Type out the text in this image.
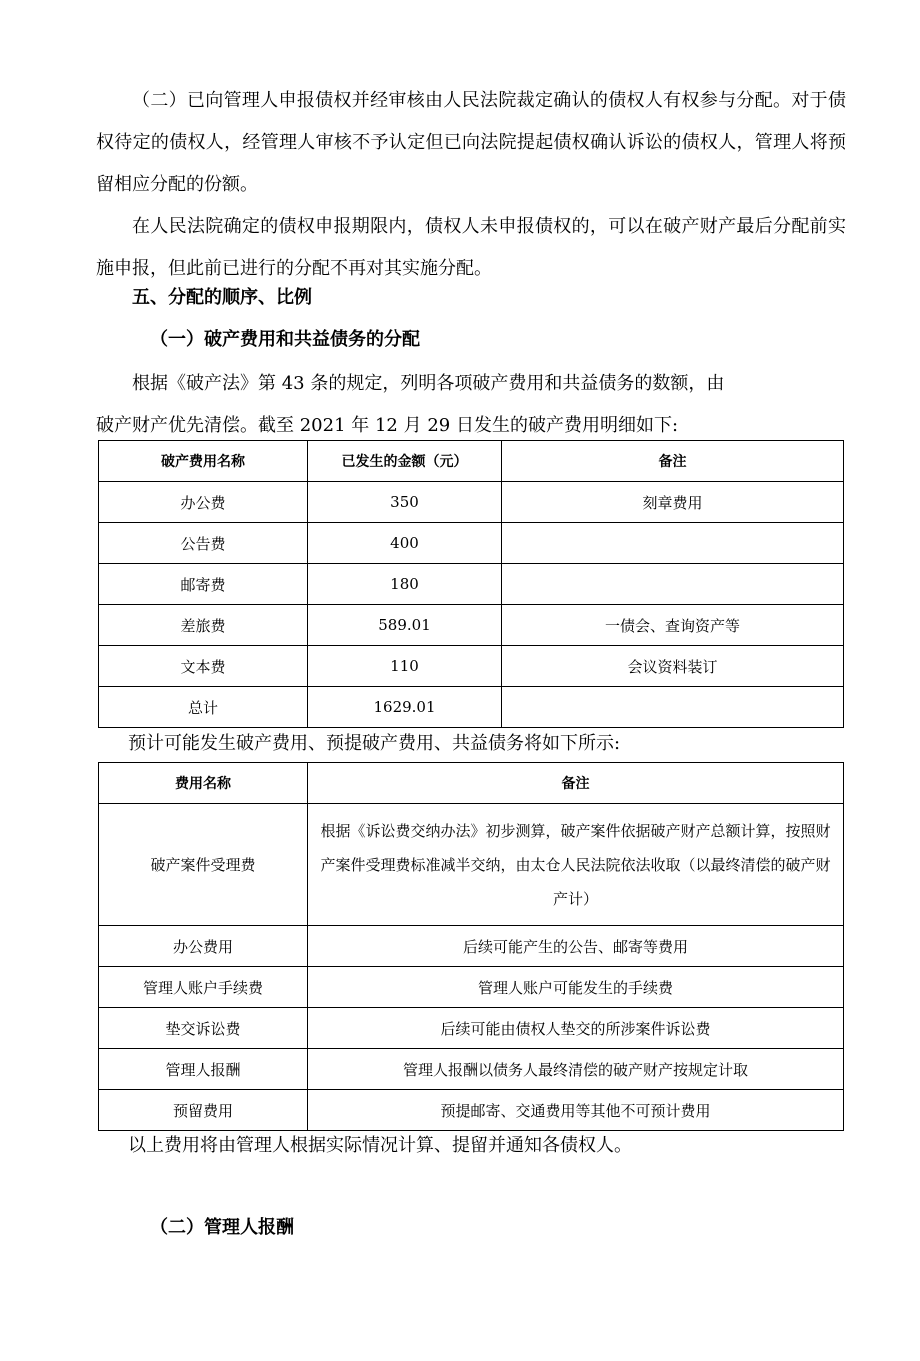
（二）已向管理人申报债权并经审核由人民法院裁定确认的债权人有权参与分配。对于债权待定的债权人，经管理人审核不予认定但已向法院提起债权确认诉讼的债权人，管理人将预留相应分配的份额。

在人民法院确定的债权申报期限内，债权人未申报债权的，可以在破产财产最后分配前实施申报，但此前已进行的分配不再对其实施分配。

五、分配的顺序、比例

（一）破产费用和共益债务的分配

根据《破产法》第 43 条的规定，列明各项破产费用和共益债务的数额，由

破产财产优先清偿。截至 2021 年 12 月 29 日发生的破产费用明细如下:

破产费用名称	已发生的金额（元）	备注
办公费	350	刻章费用
公告费	400	
邮寄费	180	
差旅费	589.01	一债会、查询资产等
文本费	110	会议资料装订
总计	1629.01	

预计可能发生破产费用、预提破产费用、共益债务将如下所示:

费用名称	备注
破产案件受理费	根据《诉讼费交纳办法》初步测算，破产案件依据破产财产总额计算，按照财产案件受理费标准减半交纳，由太仓人民法院依法收取（以最终清偿的破产财产计）
办公费用	后续可能产生的公告、邮寄等费用
管理人账户手续费	管理人账户可能发生的手续费
垫交诉讼费	后续可能由债权人垫交的所涉案件诉讼费
管理人报酬	管理人报酬以债务人最终清偿的破产财产按规定计取
预留费用	预提邮寄、交通费用等其他不可预计费用

以上费用将由管理人根据实际情况计算、提留并通知各债权人。

（二）管理人报酬
